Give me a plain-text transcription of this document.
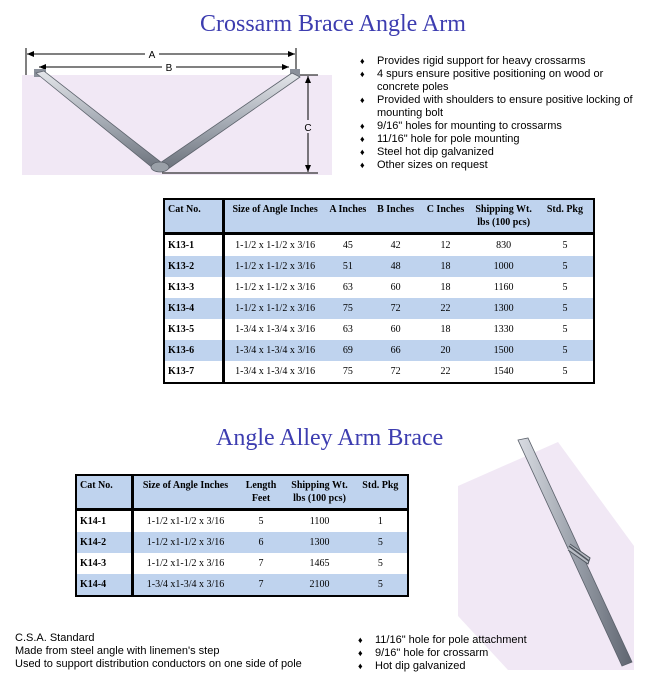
Crossarm Brace Angle Arm
A
B
C
♦ Provides rigid support for heavy crossarms
♦ 4 spurs ensure positive positioning on wood or concrete poles
♦ Provided with shoulders to ensure positive locking of mounting bolt
♦ 9/16" holes for mounting to crossarms
♦ 11/16" hole for pole mounting
♦ Steel hot dip galvanized
♦ Other sizes on request
Cat No.	Size of Angle Inches	A Inches	B Inches	C Inches	Shipping Wt. lbs (100 pcs)	Std. Pkg
K13-1	1-1/2 x 1-1/2 x 3/16	45	42	12	830	5
K13-2	1-1/2 x 1-1/2 x 3/16	51	48	18	1000	5
K13-3	1-1/2 x 1-1/2 x 3/16	63	60	18	1160	5
K13-4	1-1/2 x 1-1/2 x 3/16	75	72	22	1300	5
K13-5	1-3/4 x 1-3/4 x 3/16	63	60	18	1330	5
K13-6	1-3/4 x 1-3/4 x 3/16	69	66	20	1500	5
K13-7	1-3/4 x 1-3/4 x 3/16	75	72	22	1540	5
Angle Alley Arm Brace
Cat No.	Size of Angle Inches	Length Feet	Shipping Wt. lbs (100 pcs)	Std. Pkg
K14-1	1-1/2 x1-1/2 x 3/16	5	1100	1
K14-2	1-1/2 x1-1/2 x 3/16	6	1300	5
K14-3	1-1/2 x1-1/2 x 3/16	7	1465	5
K14-4	1-3/4 x1-3/4 x 3/16	7	2100	5
C.S.A. Standard
Made from steel angle with linemen's step
Used to support distribution conductors on one side of pole
♦ 11/16" hole for pole attachment
♦ 9/16" hole for crossarm
♦ Hot dip galvanized
